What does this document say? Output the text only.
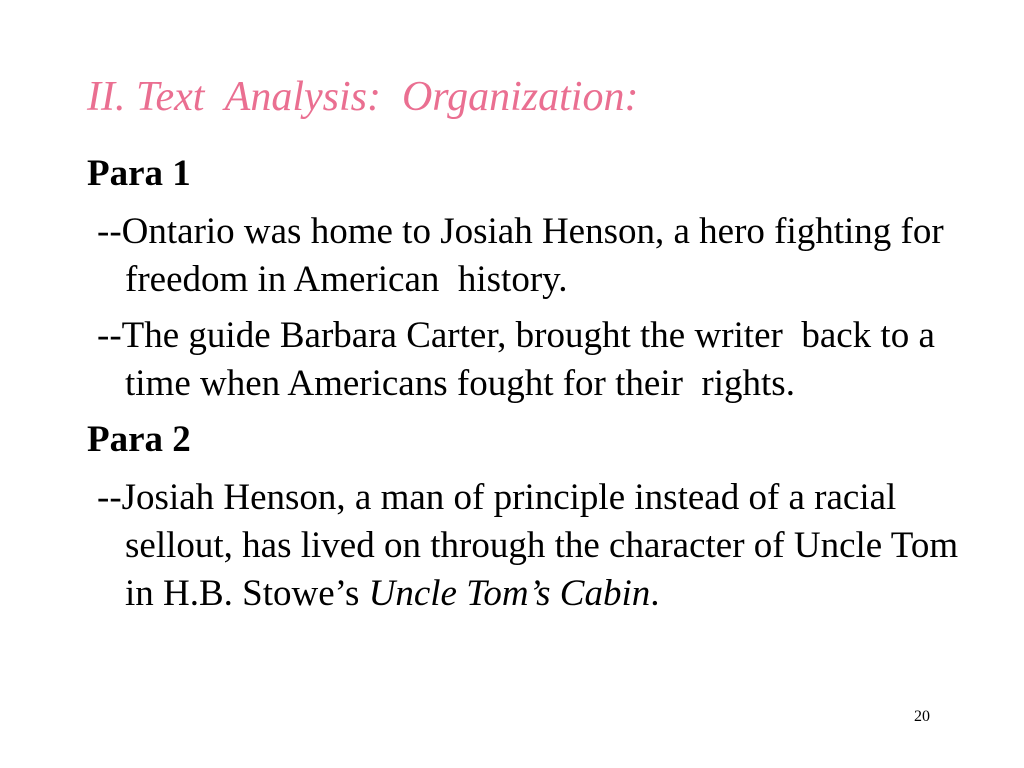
II. Text  Analysis:  Organization:
Para 1
--Ontario was home to Josiah Henson, a hero fighting for freedom in American  history.
--The guide Barbara Carter, brought the writer  back to a time when Americans fought for their  rights.
Para 2
--Josiah Henson, a man of principle instead of a racial sellout, has lived on through the character of Uncle Tom in H.B. Stowe’s Uncle Tom’s Cabin.
20
